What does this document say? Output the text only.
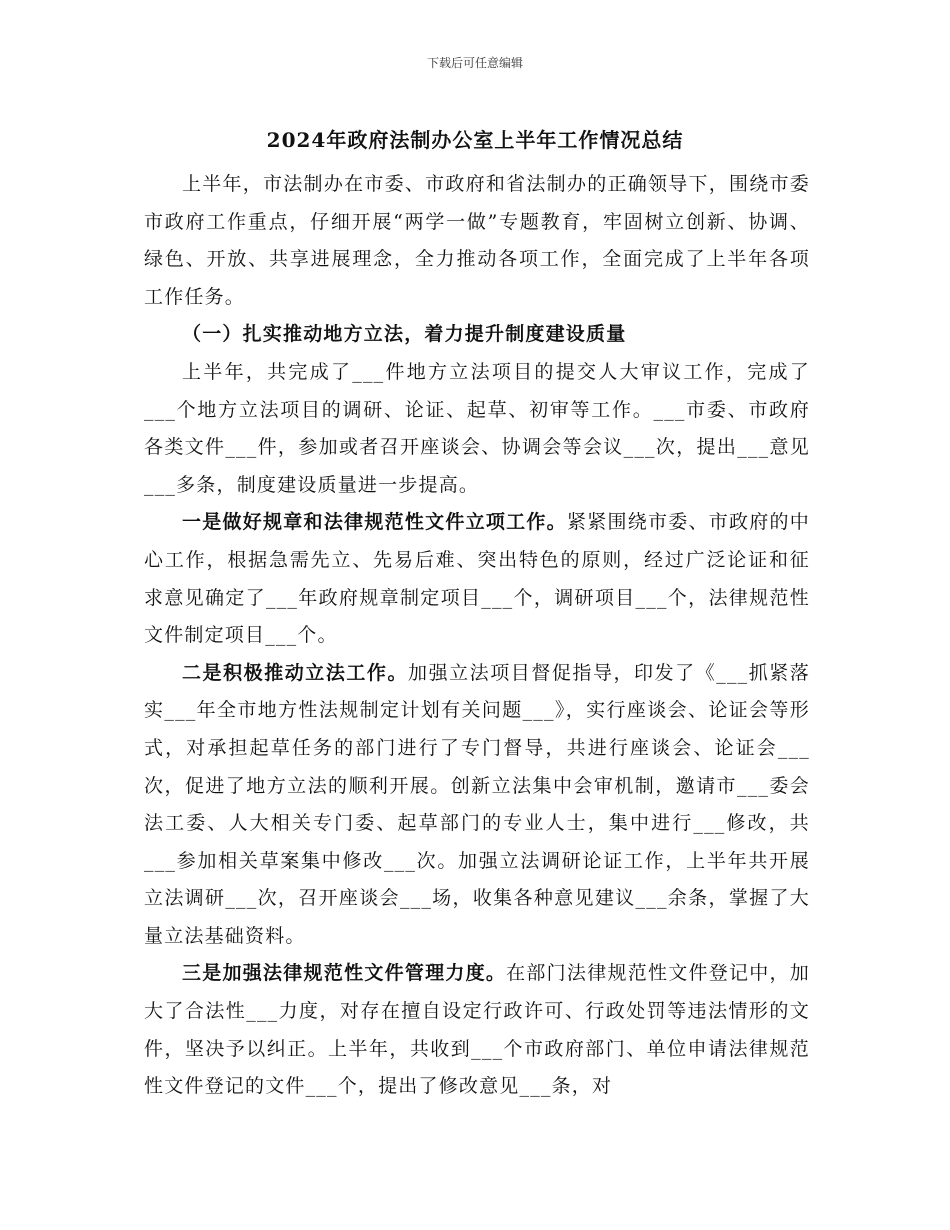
下载后可任意编辑
2024年政府法制办公室上半年工作情况总结

上半年，市法制办在市委、市政府和省法制办的正确领导下，围绕市委市政府工作重点，仔细开展“两学一做”专题教育，牢固树立创新、协调、绿色、开放、共享进展理念，全力推动各项工作，全面完成了上半年各项工作任务。

（一）扎实推动地方立法，着力提升制度建设质量

上半年，共完成了___件地方立法项目的提交人大审议工作，完成了___个地方立法项目的调研、论证、起草、初审等工作。___市委、市政府各类文件___件，参加或者召开座谈会、协调会等会议___次，提出___意见___多条，制度建设质量进一步提高。

一是做好规章和法律规范性文件立项工作。紧紧围绕市委、市政府的中心工作，根据急需先立、先易后难、突出特色的原则，经过广泛论证和征求意见确定了___年政府规章制定项目___个，调研项目___个，法律规范性文件制定项目___个。

二是积极推动立法工作。加强立法项目督促指导，印发了《___抓紧落实___年全市地方性法规制定计划有关问题___》，实行座谈会、论证会等形式，对承担起草任务的部门进行了专门督导，共进行座谈会、论证会___次，促进了地方立法的顺利开展。创新立法集中会审机制，邀请市___委会法工委、人大相关专门委、起草部门的专业人士，集中进行___修改，共___参加相关草案集中修改___次。加强立法调研论证工作，上半年共开展立法调研___次，召开座谈会___场，收集各种意见建议___余条，掌握了大量立法基础资料。

三是加强法律规范性文件管理力度。在部门法律规范性文件登记中，加大了合法性___力度，对存在擅自设定行政许可、行政处罚等违法情形的文件，坚决予以纠正。上半年，共收到___个市政府部门、单位申请法律规范性文件登记的文件___个，提出了修改意见___条，对
